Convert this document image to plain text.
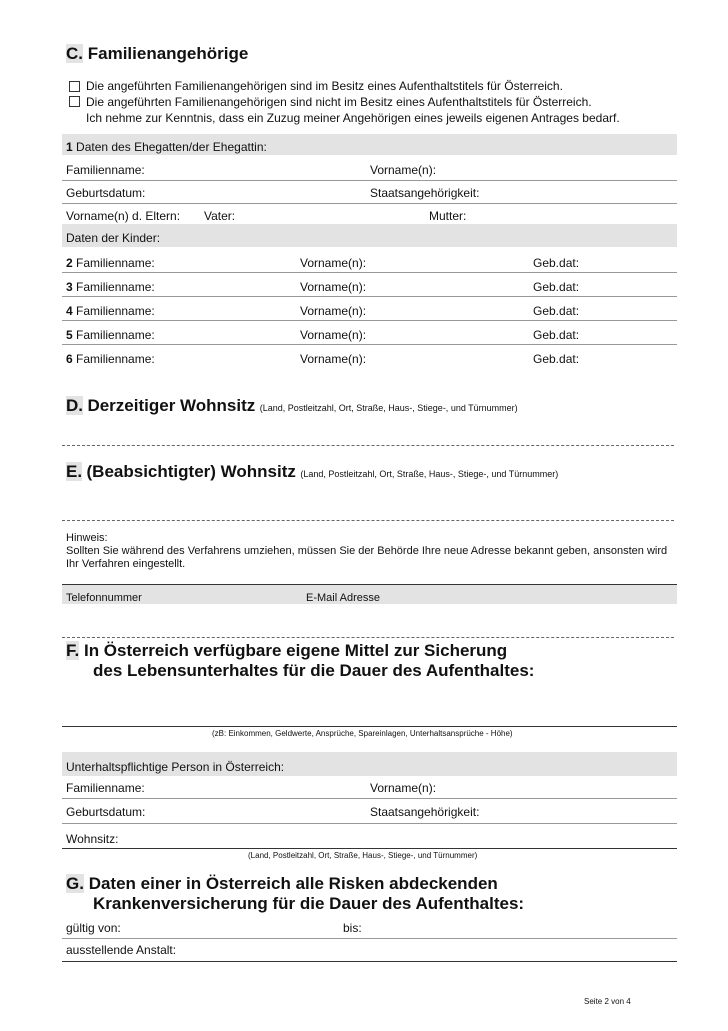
C. Familienangehörige
Die angeführten Familienangehörigen sind im Besitz eines Aufenthaltstitels für Österreich.
Die angeführten Familienangehörigen sind nicht im Besitz eines Aufenthaltstitels für Österreich.
Ich nehme zur Kenntnis, dass ein Zuzug meiner Angehörigen eines jeweils eigenen Antrages bedarf.
1 Daten des Ehegatten/der Ehegattin:
Familienname:	Vorname(n):
Geburtsdatum:	Staatsangehörigkeit:
Vorname(n) d. Eltern: Vater:	Mutter:
Daten der Kinder:
2 Familienname:	Vorname(n):	Geb.dat:
3 Familienname:	Vorname(n):	Geb.dat:
4 Familienname:	Vorname(n):	Geb.dat:
5 Familienname:	Vorname(n):	Geb.dat:
6 Familienname:	Vorname(n):	Geb.dat:
D. Derzeitiger Wohnsitz (Land, Postleitzahl, Ort, Straße, Haus-, Stiege-, und Türnummer)
E. (Beabsichtigter) Wohnsitz (Land, Postleitzahl, Ort, Straße, Haus-, Stiege-, und Türnummer)
Hinweis:
Sollten Sie während des Verfahrens umziehen, müssen Sie der Behörde Ihre neue Adresse bekannt geben, ansonsten wird
Ihr Verfahren eingestellt.
Telefonnummer	E-Mail Adresse
F. In Österreich verfügbare eigene Mittel zur Sicherung
des Lebensunterhaltes für die Dauer des Aufenthaltes:
(zB: Einkommen, Geldwerte, Ansprüche, Spareinlagen, Unterhaltsansprüche - Höhe)
Unterhaltspflichtige Person in Österreich:
Familienname:	Vorname(n):
Geburtsdatum:	Staatsangehörigkeit:
Wohnsitz:
(Land, Postleitzahl, Ort, Straße, Haus-, Stiege-, und Türnummer)
G. Daten einer in Österreich alle Risken abdeckenden
Krankenversicherung für die Dauer des Aufenthaltes:
gültig von:	bis:
ausstellende Anstalt:
Seite 2 von 4
